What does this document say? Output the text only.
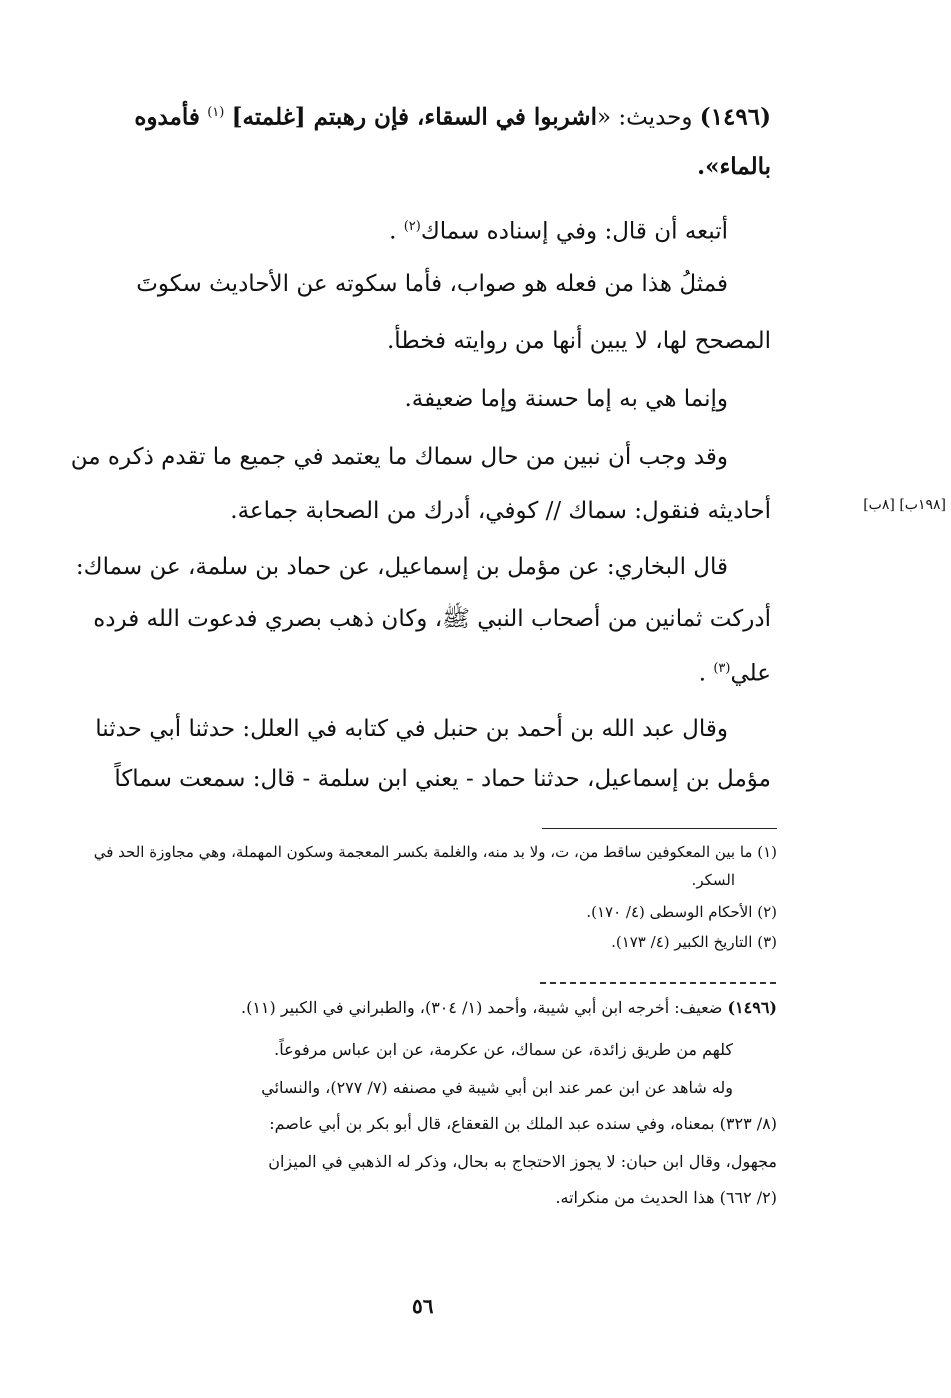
(١٤٩٦) وحديث: «اشربوا في السقاء، فإن رهبتم [غلمته] $^{(١)}$ فأمدوه
بالماء».
أتبعه أن قال: وفي إسناده سماك$^{(٢)}$ .
فمثلُ هذا من فعله هو صواب، فأما سكوته عن الأحاديث سكوتَ
المصحح لها، لا يبين أنها من روايته فخطأ.
وإنما هي به إما حسنة وإما ضعيفة.
وقد وجب أن نبين من حال سماك ما يعتمد في جميع ما تقدم ذكره من
أحاديثه فنقول: سماك // كوفي، أدرك من الصحابة جماعة.	[١٩٨ب] [٨ب]
قال البخاري: عن مؤمل بن إسماعيل، عن حماد بن سلمة، عن سماك:
أدركت ثمانين من أصحاب النبي ﷺ، وكان ذهب بصري فدعوت الله فرده
علي$^{(٣)}$ .
وقال عبد الله بن أحمد بن حنبل في كتابه في العلل: حدثنا أبي حدثنا
مؤمل بن إسماعيل، حدثنا حماد - يعني ابن سلمة - قال: سمعت سماكاً
(١) ما بين المعكوفين ساقط من، ت، ولا بد منه، والغلمة بكسر المعجمة وسكون المهملة، وهي مجاوزة الحد في
السكر.
(٢) الأحكام الوسطى (٤/ ١٧٠).
(٣) التاريخ الكبير (٤/ ١٧٣).
(١٤٩٦) ضعيف: أخرجه ابن أبي شيبة، وأحمد (١/ ٣٠٤)، والطبراني في الكبير (١١).
كلهم من طريق زائدة، عن سماك، عن عكرمة، عن ابن عباس مرفوعاً.
وله شاهد عن ابن عمر عند ابن أبي شيبة في مصنفه (٧/ ٢٧٧)، والنسائي
(٨/ ٣٢٣) بمعناه، وفي سنده عبد الملك بن القعقاع، قال أبو بكر بن أبي عاصم:
مجهول، وقال ابن حبان: لا يجوز الاحتجاج به بحال، وذكر له الذهبي في الميزان
(٢/ ٦٦٢) هذا الحديث من منكراته.
٥٦
